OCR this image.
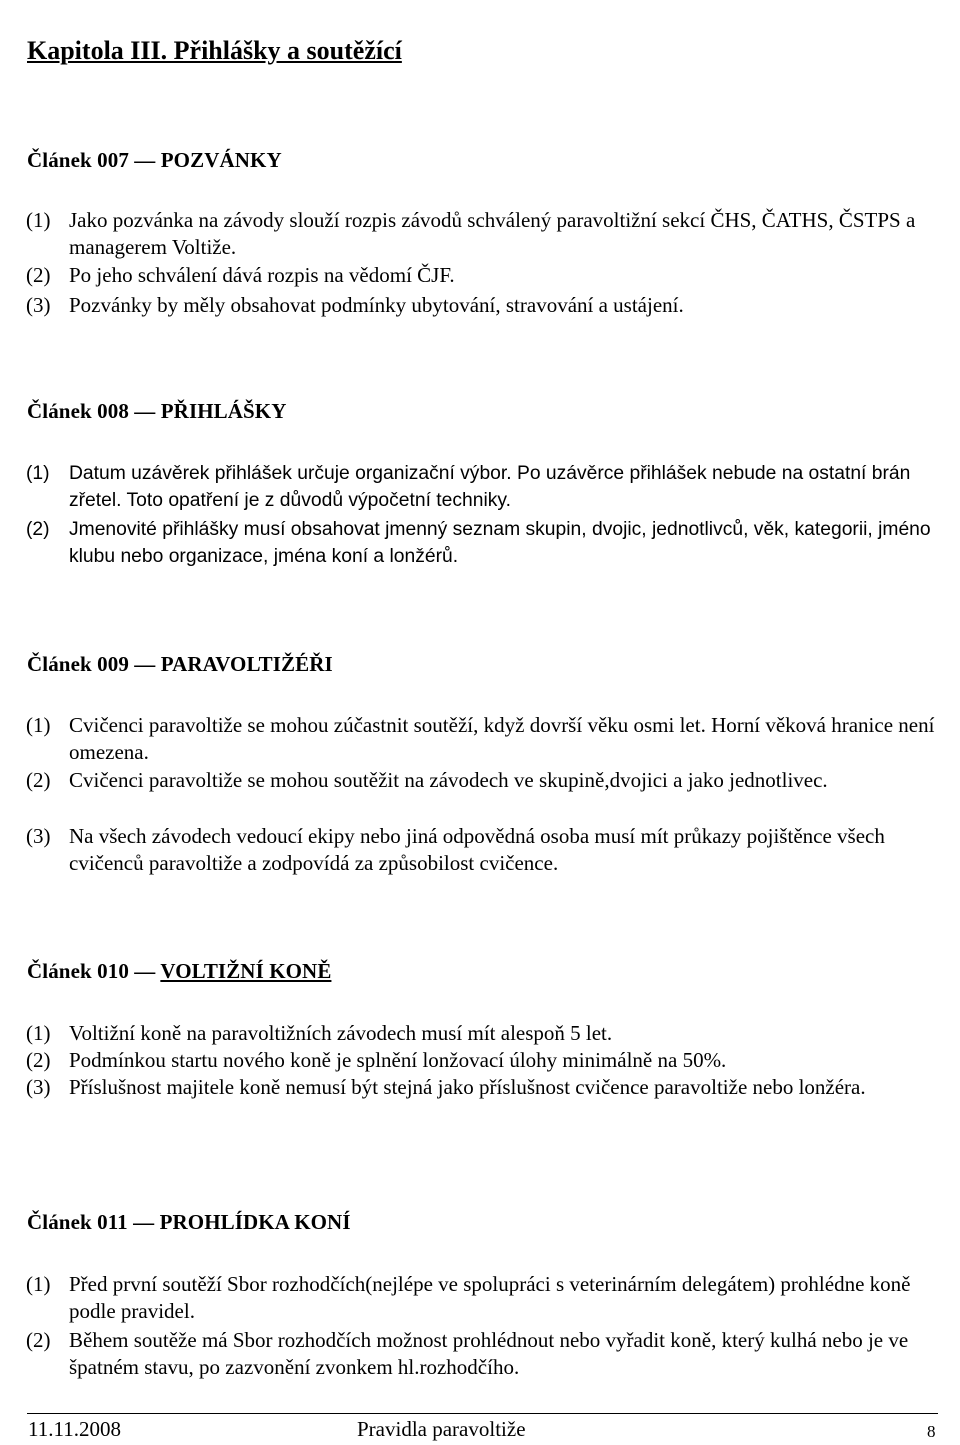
Kapitola III. Přihlášky a soutěžící
Článek 007 — POZVÁNKY
(1) Jako pozvánka na závody slouží rozpis závodů schválený paravoltižní sekcí ČHS, ČATHS, ČSTPS a managerem Voltiže.
(2) Po jeho schválení dává rozpis na vědomí ČJF.
(3) Pozvánky by měly obsahovat podmínky ubytování, stravování a ustájení.
Článek 008 — PŘIHLÁŠKY
(1) Datum uzávěrek přihlášek určuje organizační výbor. Po uzávěrce přihlášek nebude na ostatní brán zřetel. Toto opatření je z důvodů výpočetní techniky.
(2) Jmenovité přihlášky musí obsahovat jmenný seznam skupin, dvojic, jednotlivců, věk, kategorii, jméno klubu nebo organizace, jména koní a lonžérů.
Článek 009 — PARAVOLTIŽÉŘI
(1) Cvičenci paravoltiže se mohou zúčastnit soutěží, když dovrší věku osmi let. Horní věková hranice není omezena.
(2) Cvičenci paravoltiže se mohou soutěžit na závodech ve skupině,dvojici a jako jednotlivec.
(3) Na všech závodech vedoucí ekipy nebo jiná odpovědná osoba musí mít průkazy pojištěnce všech cvičenců paravoltiže a zodpovídá za způsobilost cvičence.
Článek 010 — VOLTIŽNÍ KONĚ
(1) Voltižní koně na paravoltižních závodech musí mít alespoň 5 let.
(2) Podmínkou startu nového koně je splnění lonžovací úlohy minimálně na 50%.
(3) Příslušnost majitele koně nemusí být stejná jako příslušnost cvičence paravoltiže nebo lonžéra.
Článek 011 — PROHLÍDKA KONÍ
(1) Před první soutěží Sbor rozhodčích(nejlépe ve spolupráci s veterinárním delegátem) prohlédne koně podle pravidel.
(2) Během soutěže má Sbor rozhodčích možnost prohlédnout nebo vyřadit koně, který kulhá nebo je ve špatném stavu, po zazvonění zvonkem hl.rozhodčího.
11.11.2008	Pravidla paravoltiže	8
